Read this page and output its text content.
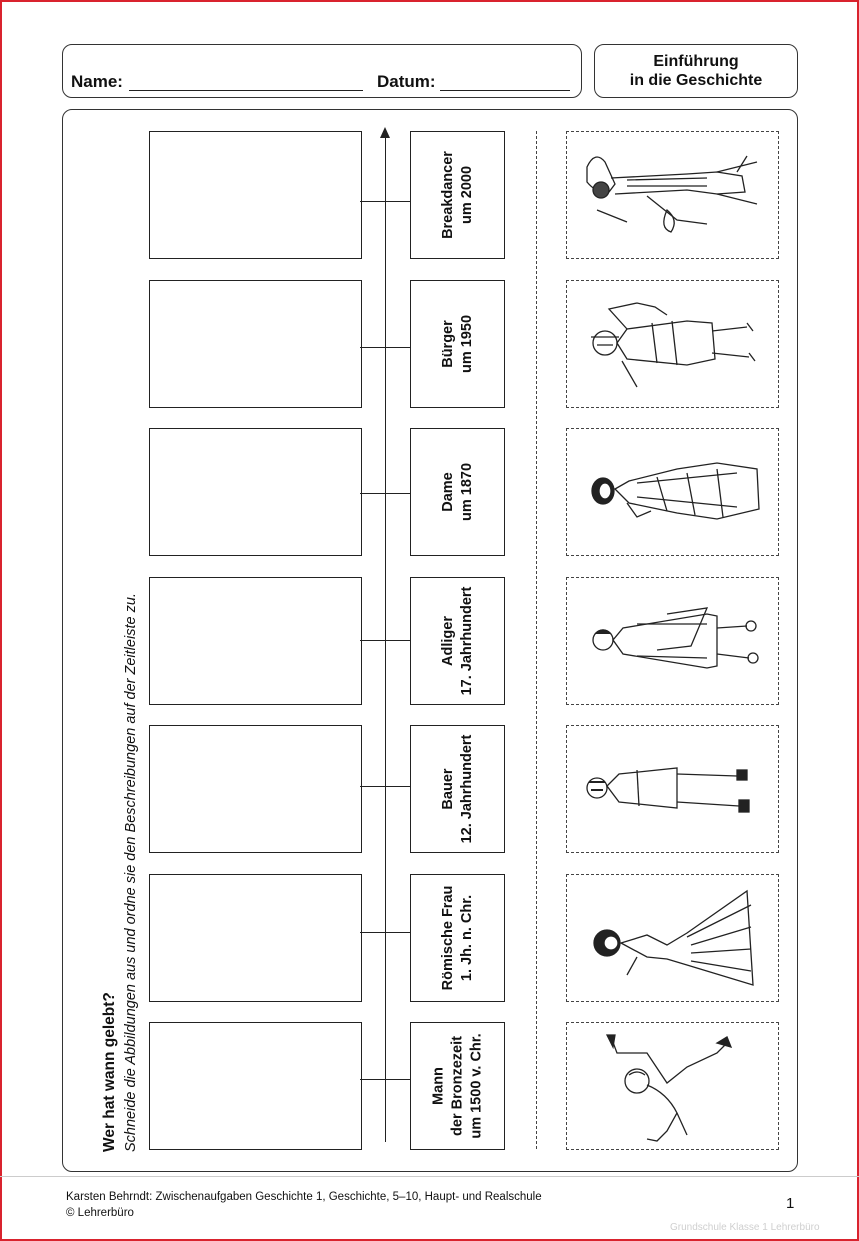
Name:	Datum:
Einführung
in die Geschichte
Wer hat wann gelebt? Schneide die Abbildungen aus und ordne sie den Beschreibungen auf der Zeitleiste zu.
Breakdancer um 2000
Bürger um 1950
Dame um 1870
Adliger 17. Jahrhundert
Bauer 12. Jahrhundert
Römische Frau 1. Jh. n. Chr.
Mann der Bronzezeit um 1500 v. Chr.
Karsten Behrndt: Zwischenaufgaben Geschichte 1, Geschichte, 5–10, Haupt- und Realschule
© Lehrerbüro
1
Grundschule Klasse 1 Lehrerbüro
